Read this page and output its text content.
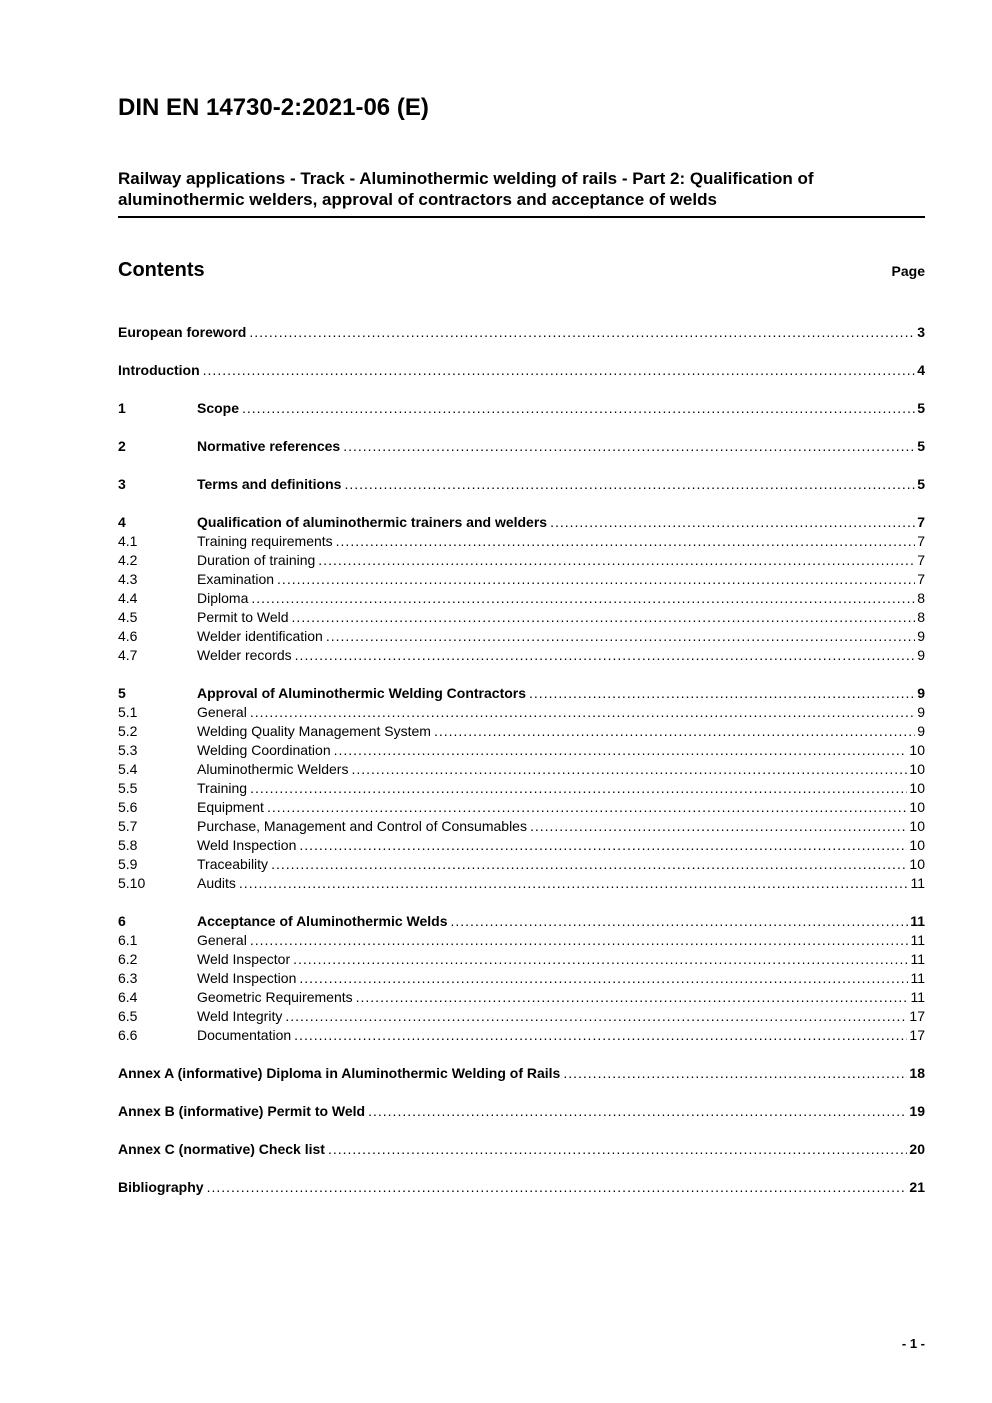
DIN EN 14730-2:2021-06 (E)
Railway applications - Track - Aluminothermic welding of rails - Part 2: Qualification of aluminothermic welders, approval of contractors and acceptance of welds
Contents	Page
European foreword .....	3
Introduction .....	4
1	Scope .....	5
2	Normative references .....	5
3	Terms and definitions .....	5
4	Qualification of aluminothermic trainers and welders .....	7
4.1	Training requirements .....	7
4.2	Duration of training .....	7
4.3	Examination .....	7
4.4	Diploma .....	8
4.5	Permit to Weld .....	8
4.6	Welder identification .....	9
4.7	Welder records .....	9
5	Approval of Aluminothermic Welding Contractors .....	9
5.1	General .....	9
5.2	Welding Quality Management System .....	9
5.3	Welding Coordination .....	10
5.4	Aluminothermic Welders .....	10
5.5	Training .....	10
5.6	Equipment .....	10
5.7	Purchase, Management and Control of Consumables .....	10
5.8	Weld Inspection .....	10
5.9	Traceability .....	10
5.10	Audits .....	11
6	Acceptance of Aluminothermic Welds .....	11
6.1	General .....	11
6.2	Weld Inspector .....	11
6.3	Weld Inspection .....	11
6.4	Geometric Requirements .....	11
6.5	Weld Integrity .....	17
6.6	Documentation .....	17
Annex A (informative) Diploma in Aluminothermic Welding of Rails .....	18
Annex B (informative) Permit to Weld .....	19
Annex C (normative) Check list .....	20
Bibliography .....	21
- 1 -
